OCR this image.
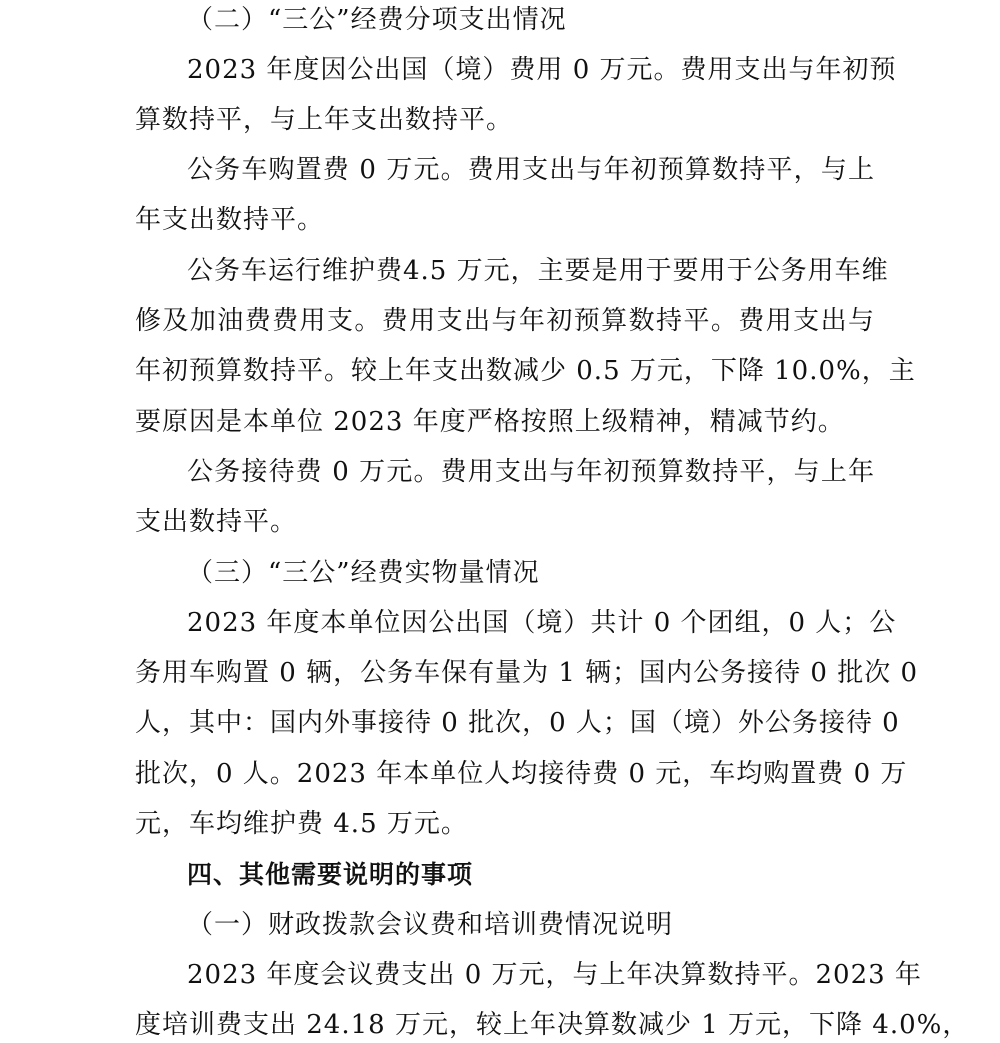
（二）“三公”经费分项支出情况

2023 年度因公出国（境）费用 0 万元。费用支出与年初预

算数持平，与上年支出数持平。

公务车购置费 0 万元。费用支出与年初预算数持平，与上

年支出数持平。

公务车运行维护费4.5 万元，主要是用于要用于公务用车维

修及加油费费用支。费用支出与年初预算数持平。费用支出与

年初预算数持平。较上年支出数减少 0.5 万元，下降 10.0%，主

要原因是本单位 2023 年度严格按照上级精神，精减节约。

公务接待费 0 万元。费用支出与年初预算数持平，与上年

支出数持平。

（三）“三公”经费实物量情况

2023 年度本单位因公出国（境）共计 0 个团组，0 人；公

务用车购置 0 辆，公务车保有量为 1 辆；国内公务接待 0 批次 0

人，其中：国内外事接待 0 批次，0 人；国（境）外公务接待 0

批次，0 人。2023 年本单位人均接待费 0 元，车均购置费 0 万

元，车均维护费 4.5 万元。

四、其他需要说明的事项

（一）财政拨款会议费和培训费情况说明

2023 年度会议费支出 0 万元，与上年决算数持平。2023 年

度培训费支出 24.18 万元，较上年决算数减少 1 万元，下降 4.0%，
